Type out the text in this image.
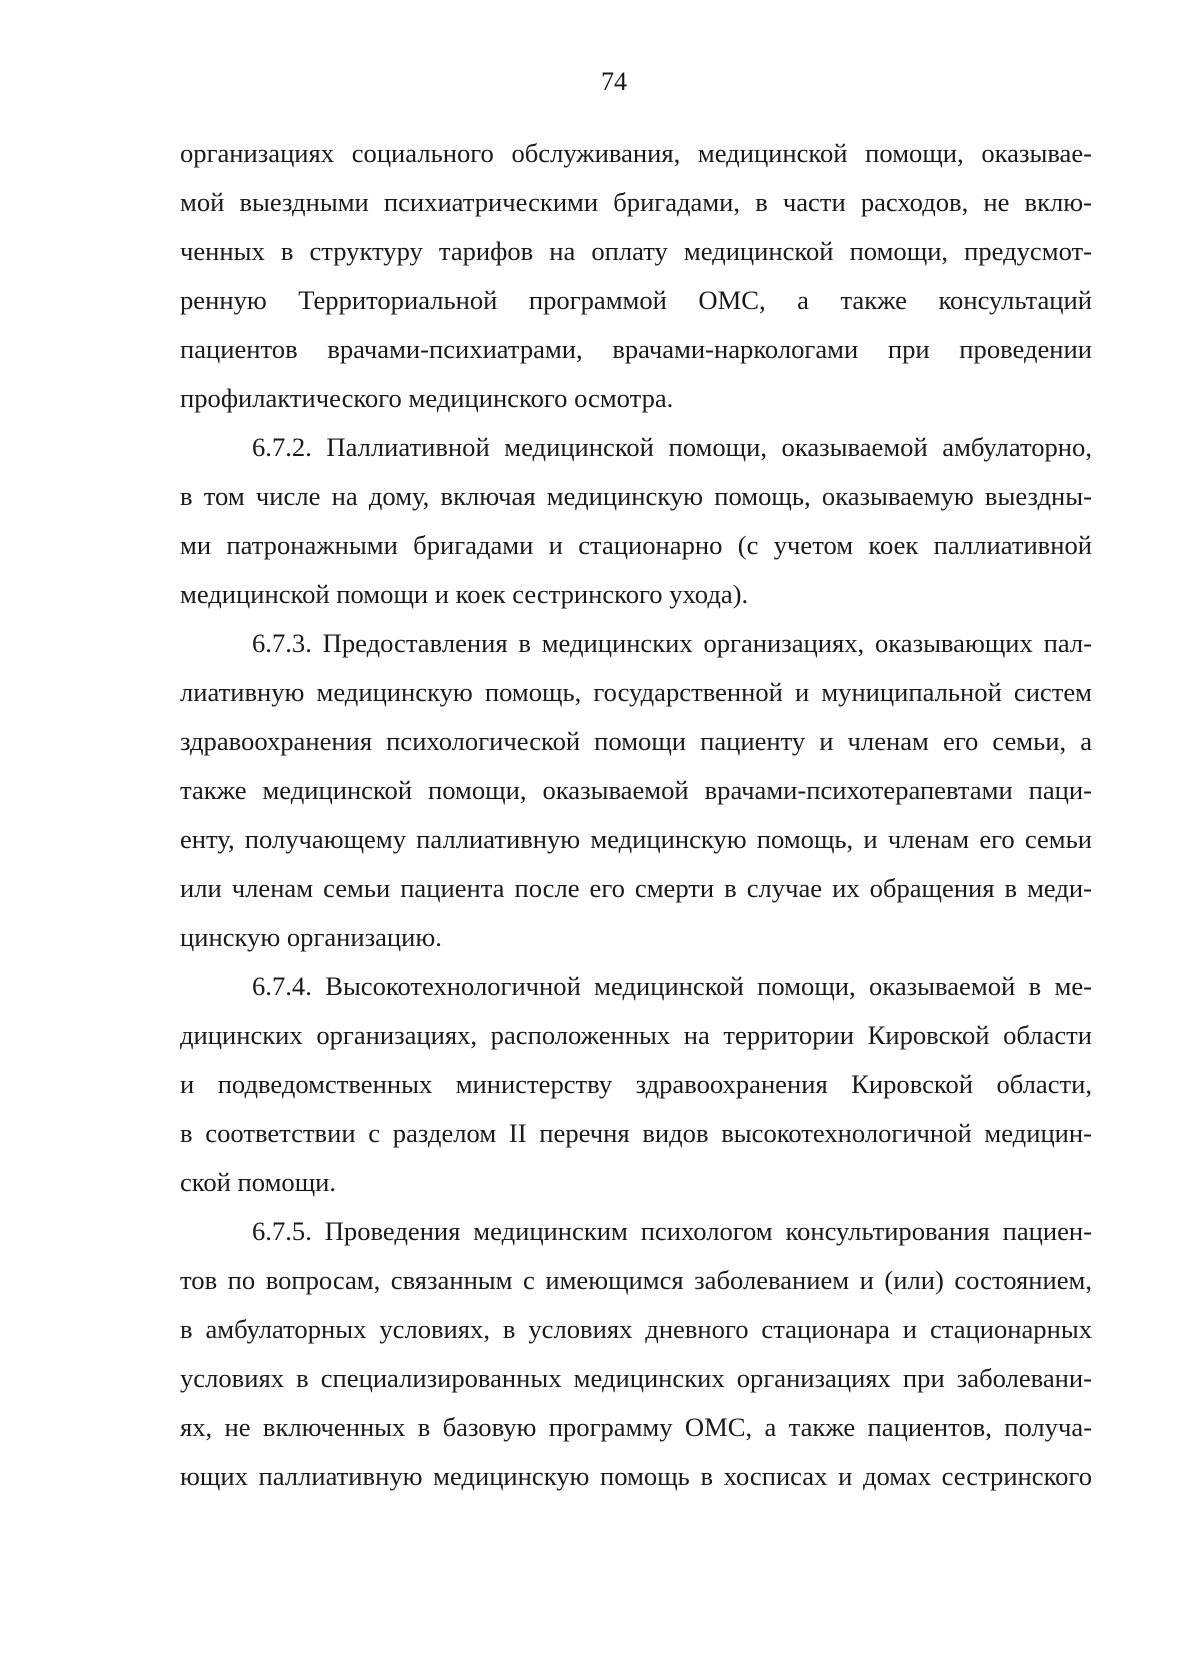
74
организациях социального обслуживания, медицинской помощи, оказывае-
мой выездными психиатрическими бригадами, в части расходов, не вклю-
ченных в структуру тарифов на оплату медицинской помощи, предусмот-
ренную Территориальной программой ОМС, а также консультаций
пациентов врачами-психиатрами, врачами-наркологами при проведении
профилактического медицинского осмотра.
6.7.2. Паллиативной медицинской помощи, оказываемой амбулаторно,
в том числе на дому, включая медицинскую помощь, оказываемую выездны-
ми патронажными бригадами и стационарно (с учетом коек паллиативной
медицинской помощи и коек сестринского ухода).
6.7.3. Предоставления в медицинских организациях, оказывающих пал-
лиативную медицинскую помощь, государственной и муниципальной систем
здравоохранения психологической помощи пациенту и членам его семьи, а
также медицинской помощи, оказываемой врачами-психотерапевтами паци-
енту, получающему паллиативную медицинскую помощь, и членам его семьи
или членам семьи пациента после его смерти в случае их обращения в меди-
цинскую организацию.
6.7.4. Высокотехнологичной медицинской помощи, оказываемой в ме-
дицинских организациях, расположенных на территории Кировской области
и подведомственных министерству здравоохранения Кировской области,
в соответствии с разделом II перечня видов высокотехнологичной медицин-
ской помощи.
6.7.5. Проведения медицинским психологом консультирования пациен-
тов по вопросам, связанным с имеющимся заболеванием и (или) состоянием,
в амбулаторных условиях, в условиях дневного стационара и стационарных
условиях в специализированных медицинских организациях при заболевани-
ях, не включенных в базовую программу ОМС, а также пациентов, получа-
ющих паллиативную медицинскую помощь в хосписах и домах сестринского
